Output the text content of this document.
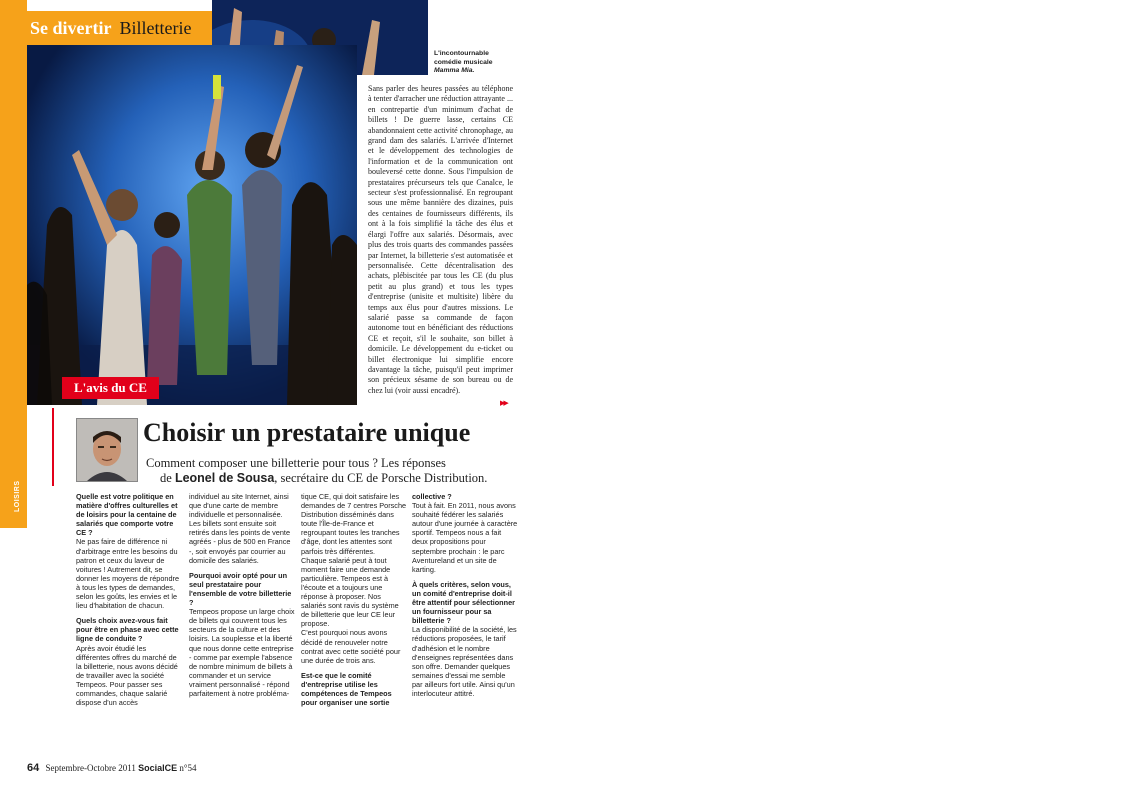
LOISIRS
Se divertir Billetterie
L'incontournable
comédie musicale
Mamma Mia.
Sans parler des heures passées au téléphone à tenter d'arracher une réduction attrayante ... en contrepartie d'un minimum d'achat de billets ! De guerre lasse, certains CE abandonnaient cette activité chronophage, au grand dam des salariés. L'arrivée d'Internet et le développement des technologies de l'information et de la communication ont bouleversé cette donne. Sous l'impulsion de prestataires précurseurs tels que Canalce, le secteur s'est professionnalisé. En regroupant sous une même bannière des dizaines, puis des centaines de fournisseurs différents, ils ont à la fois simplifié la tâche des élus et élargi l'offre aux salariés. Désormais, avec plus des trois quarts des commandes passées par Internet, la billetterie s'est automatisée et personnalisée. Cette décentralisation des achats, plébiscitée par tous les CE (du plus petit au plus grand) et tous les types d'entreprise (unisite et multisite) libère du temps aux élus pour d'autres missions. Le salarié passe sa commande de façon autonome tout en bénéficiant des réductions CE et reçoit, s'il le souhaite, son billet à domicile. Le développement du e-ticket ou billet électronique lui simplifie encore davantage la tâche, puisqu'il peut imprimer son précieux sésame de son bureau ou de chez lui (voir aussi encadré).
▶▶
L'avis du CE
Choisir un prestataire unique
Comment composer une billetterie pour tous ? Les réponses
de Leonel de Sousa, secrétaire du CE de Porsche Distribution.

Quelle est votre politique en matière d'offres culturelles et de loisirs pour la centaine de salariés que comporte votre CE ?
Ne pas faire de différence ni d'arbitrage entre les besoins du patron et ceux du laveur de voitures ! Autrement dit, se donner les moyens de répondre à tous les types de demandes, selon les goûts, les envies et le lieu d'habitation de chacun.

Quels choix avez-vous fait pour être en phase avec cette ligne de conduite ?
Après avoir étudié les différentes offres du marché de la billetterie, nous avons décidé de travailler avec la société Tempeos. Pour passer ses commandes, chaque salarié dispose d'un accès

individuel au site Internet, ainsi que d'une carte de membre individuelle et personnalisée. Les billets sont ensuite soit retirés dans les points de vente agréés - plus de 500 en France -, soit envoyés par courrier au domicile des salariés.

Pourquoi avoir opté pour un seul prestataire pour l'ensemble de votre billetterie ?
Tempeos propose un large choix de billets qui couvrent tous les secteurs de la culture et des loisirs. La souplesse et la liberté que nous donne cette entreprise - comme par exemple l'absence de nombre minimum de billets à commander et un service vraiment personnalisé - répond parfaitement à notre probléma-

tique CE, qui doit satisfaire les demandes de 7 centres Porsche Distribution disséminés dans toute l'Île-de-France et regroupant toutes les tranches d'âge, dont les attentes sont parfois très différentes.

Chaque salarié peut à tout moment faire une demande particulière. Tempeos est à l'écoute et a toujours une réponse à proposer. Nos salariés sont ravis du système de billetterie que leur CE leur propose.

C'est pourquoi nous avons décidé de renouveler notre contrat avec cette société pour une durée de trois ans.

Est-ce que le comité d'entreprise utilise les compétences de Tempeos pour organiser une sortie

collective ?
Tout à fait. En 2011, nous avons souhaité fédérer les salariés autour d'une journée à caractère sportif. Tempeos nous a fait deux propositions pour septembre prochain : le parc Aventureland et un site de karting.

À quels critères, selon vous, un comité d'entreprise doit-il être attentif pour sélectionner un fournisseur pour sa billetterie ?
La disponibilité de la société, les réductions proposées, le tarif d'adhésion et le nombre d'enseignes représentées dans son offre. Demander quelques semaines d'essai me semble par ailleurs fort utile. Ainsi qu'un interlocuteur attitré.

64 Septembre-Octobre 2011 SocialCE n°54
